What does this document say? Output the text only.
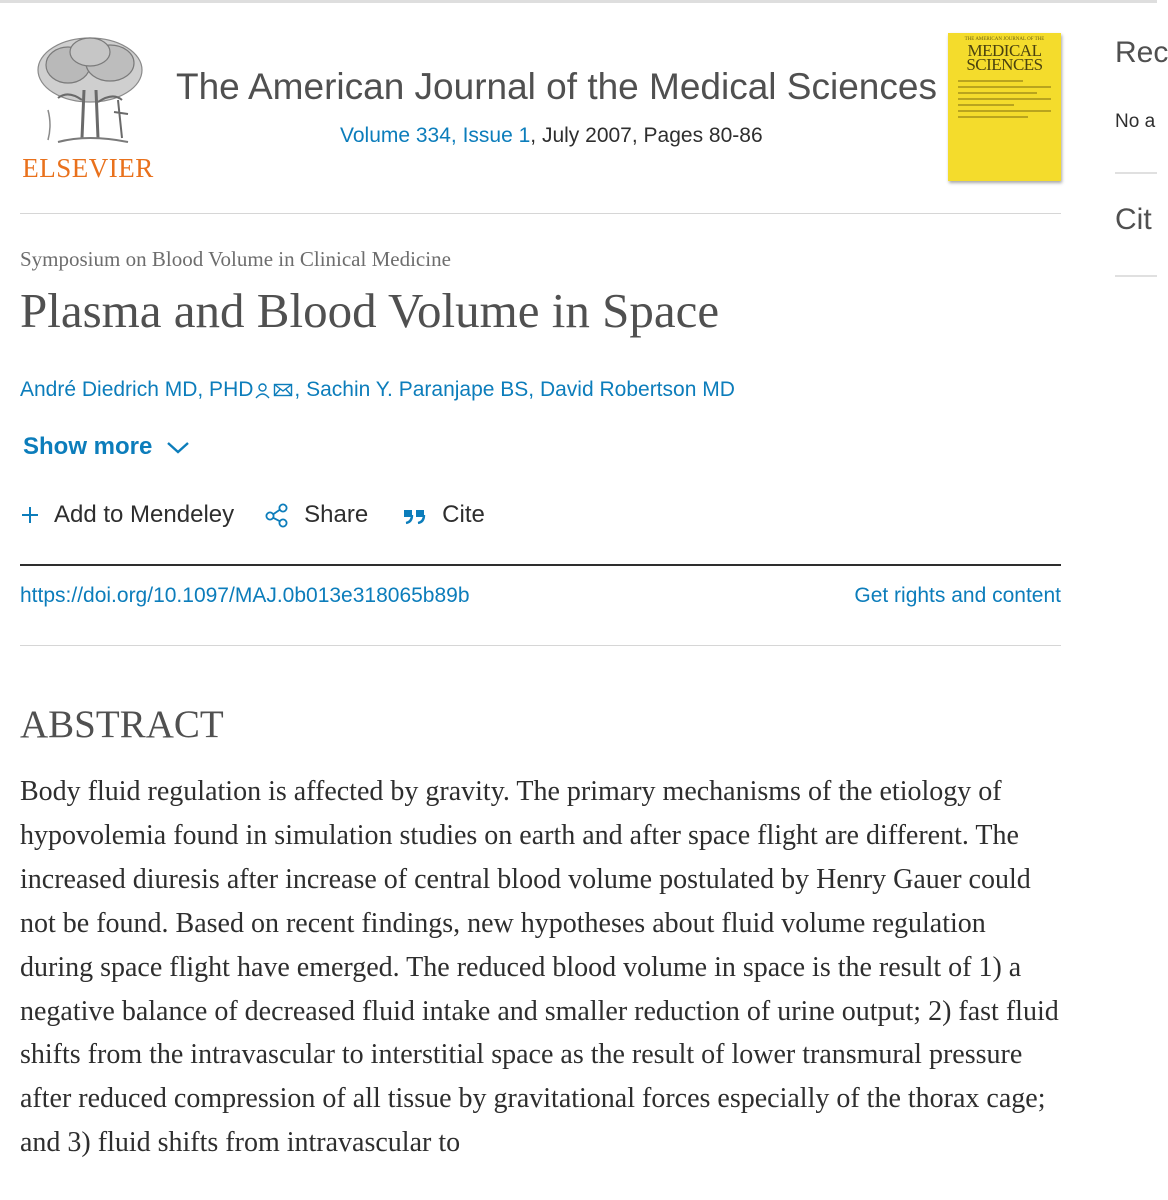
ELSEVIER
The American Journal of the Medical Sciences
Volume 334, Issue 1, July 2007, Pages 80-86
THE AMERICAN JOURNAL OF THE
MEDICAL
SCIENCES	Rec
No a
Cit
Symposium on Blood Volume in Clinical Medicine
Plasma and Blood Volume in Space
André Diedrich MD, PHD , Sachin Y. Paranjape BS, David Robertson MD
Show more
Add to Mendeley	Share	Cite
https://doi.org/10.1097/MAJ.0b013e318065b89b	Get rights and content
ABSTRACT
Body fluid regulation is affected by gravity. The primary mechanisms of the etiology of hypovolemia found in simulation studies on earth and after space flight are different. The increased diuresis after increase of central blood volume postulated by Henry Gauer could not be found. Based on recent findings, new hypotheses about fluid volume regulation during space flight have emerged. The reduced blood volume in space is the result of 1) a negative balance of decreased fluid intake and smaller reduction of urine output; 2) fast fluid shifts from the intravascular to interstitial space as the result of lower transmural pressure after reduced compression of all tissue by gravitational forces especially of the thorax cage; and 3) fluid shifts from intravascular to
